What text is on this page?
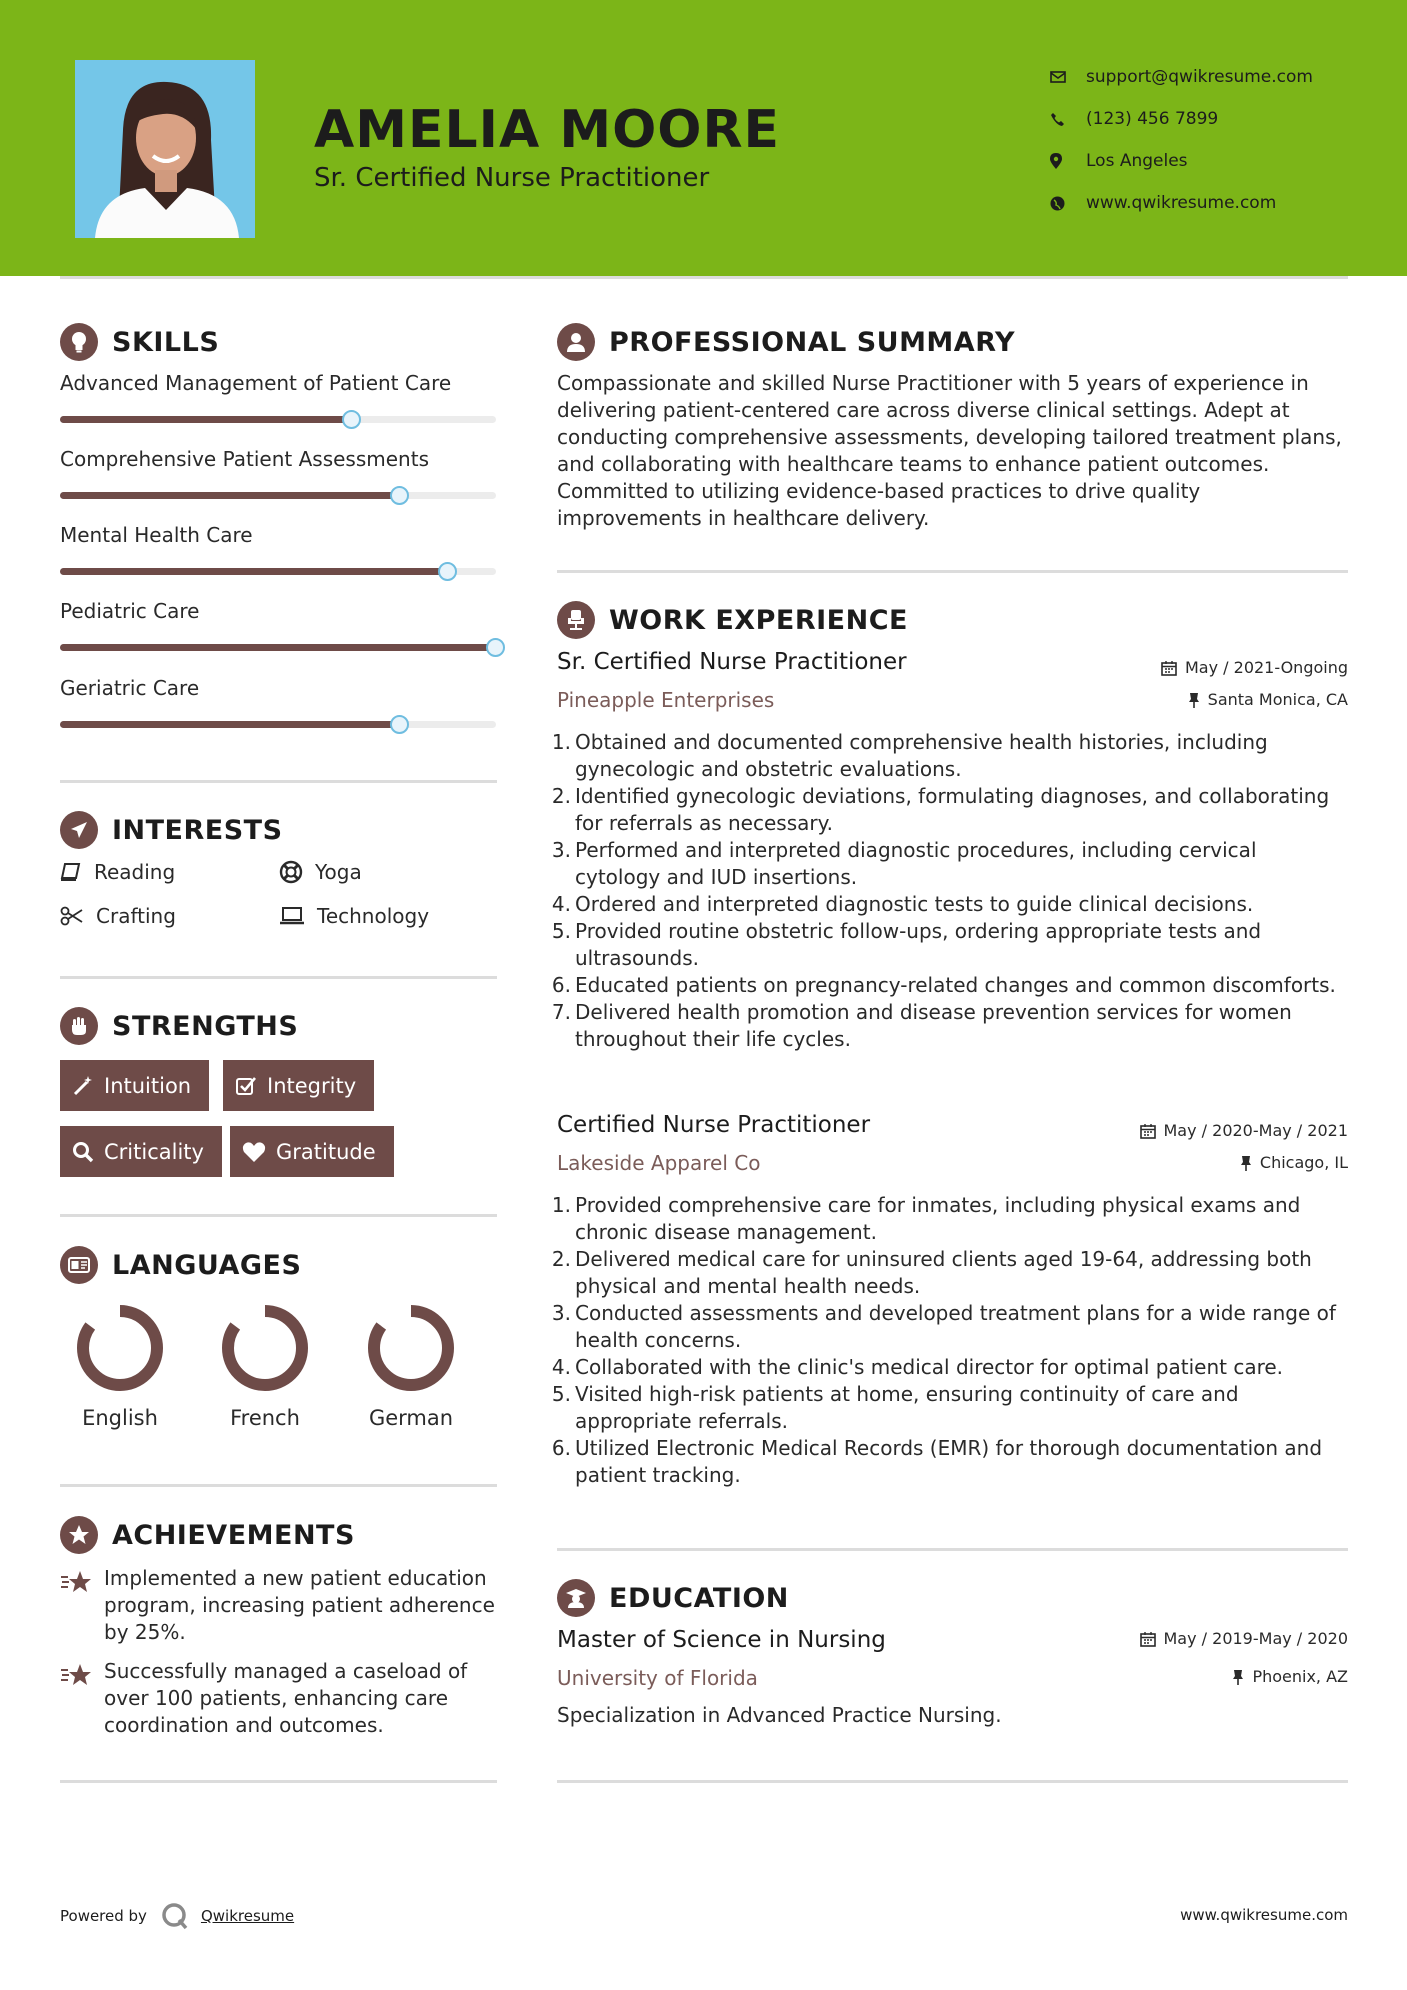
AMELIA MOORE
Sr. Certified Nurse Practitioner
support@qwikresume.com
(123) 456 7899
Los Angeles
www.qwikresume.com
SKILLS
Advanced Management of Patient Care
Comprehensive Patient Assessments
Mental Health Care
Pediatric Care
Geriatric Care
INTERESTS
Reading	Yoga
Crafting	Technology
STRENGTHS
Intuition	Integrity
Criticality	Gratitude
LANGUAGES
English	French	German
ACHIEVEMENTS
Implemented a new patient education program, increasing patient adherence by 25%.
Successfully managed a caseload of over 100 patients, enhancing care coordination and outcomes.
PROFESSIONAL SUMMARY
Compassionate and skilled Nurse Practitioner with 5 years of experience in delivering patient-centered care across diverse clinical settings. Adept at conducting comprehensive assessments, developing tailored treatment plans, and collaborating with healthcare teams to enhance patient outcomes. Committed to utilizing evidence-based practices to drive quality improvements in healthcare delivery.
WORK EXPERIENCE
Sr. Certified Nurse Practitioner	May / 2021-Ongoing
Pineapple Enterprises	Santa Monica, CA
Obtained and documented comprehensive health histories, including gynecologic and obstetric evaluations.
Identified gynecologic deviations, formulating diagnoses, and collaborating for referrals as necessary.
Performed and interpreted diagnostic procedures, including cervical cytology and IUD insertions.
Ordered and interpreted diagnostic tests to guide clinical decisions.
Provided routine obstetric follow-ups, ordering appropriate tests and ultrasounds.
Educated patients on pregnancy-related changes and common discomforts.
Delivered health promotion and disease prevention services for women throughout their life cycles.
Certified Nurse Practitioner	May / 2020-May / 2021
Lakeside Apparel Co	Chicago, IL
Provided comprehensive care for inmates, including physical exams and chronic disease management.
Delivered medical care for uninsured clients aged 19-64, addressing both physical and mental health needs.
Conducted assessments and developed treatment plans for a wide range of health concerns.
Collaborated with the clinic's medical director for optimal patient care.
Visited high-risk patients at home, ensuring continuity of care and appropriate referrals.
Utilized Electronic Medical Records (EMR) for thorough documentation and patient tracking.
EDUCATION
Master of Science in Nursing	May / 2019-May / 2020
University of Florida	Phoenix, AZ
Specialization in Advanced Practice Nursing.
Powered by	Qwikresume	www.qwikresume.com
